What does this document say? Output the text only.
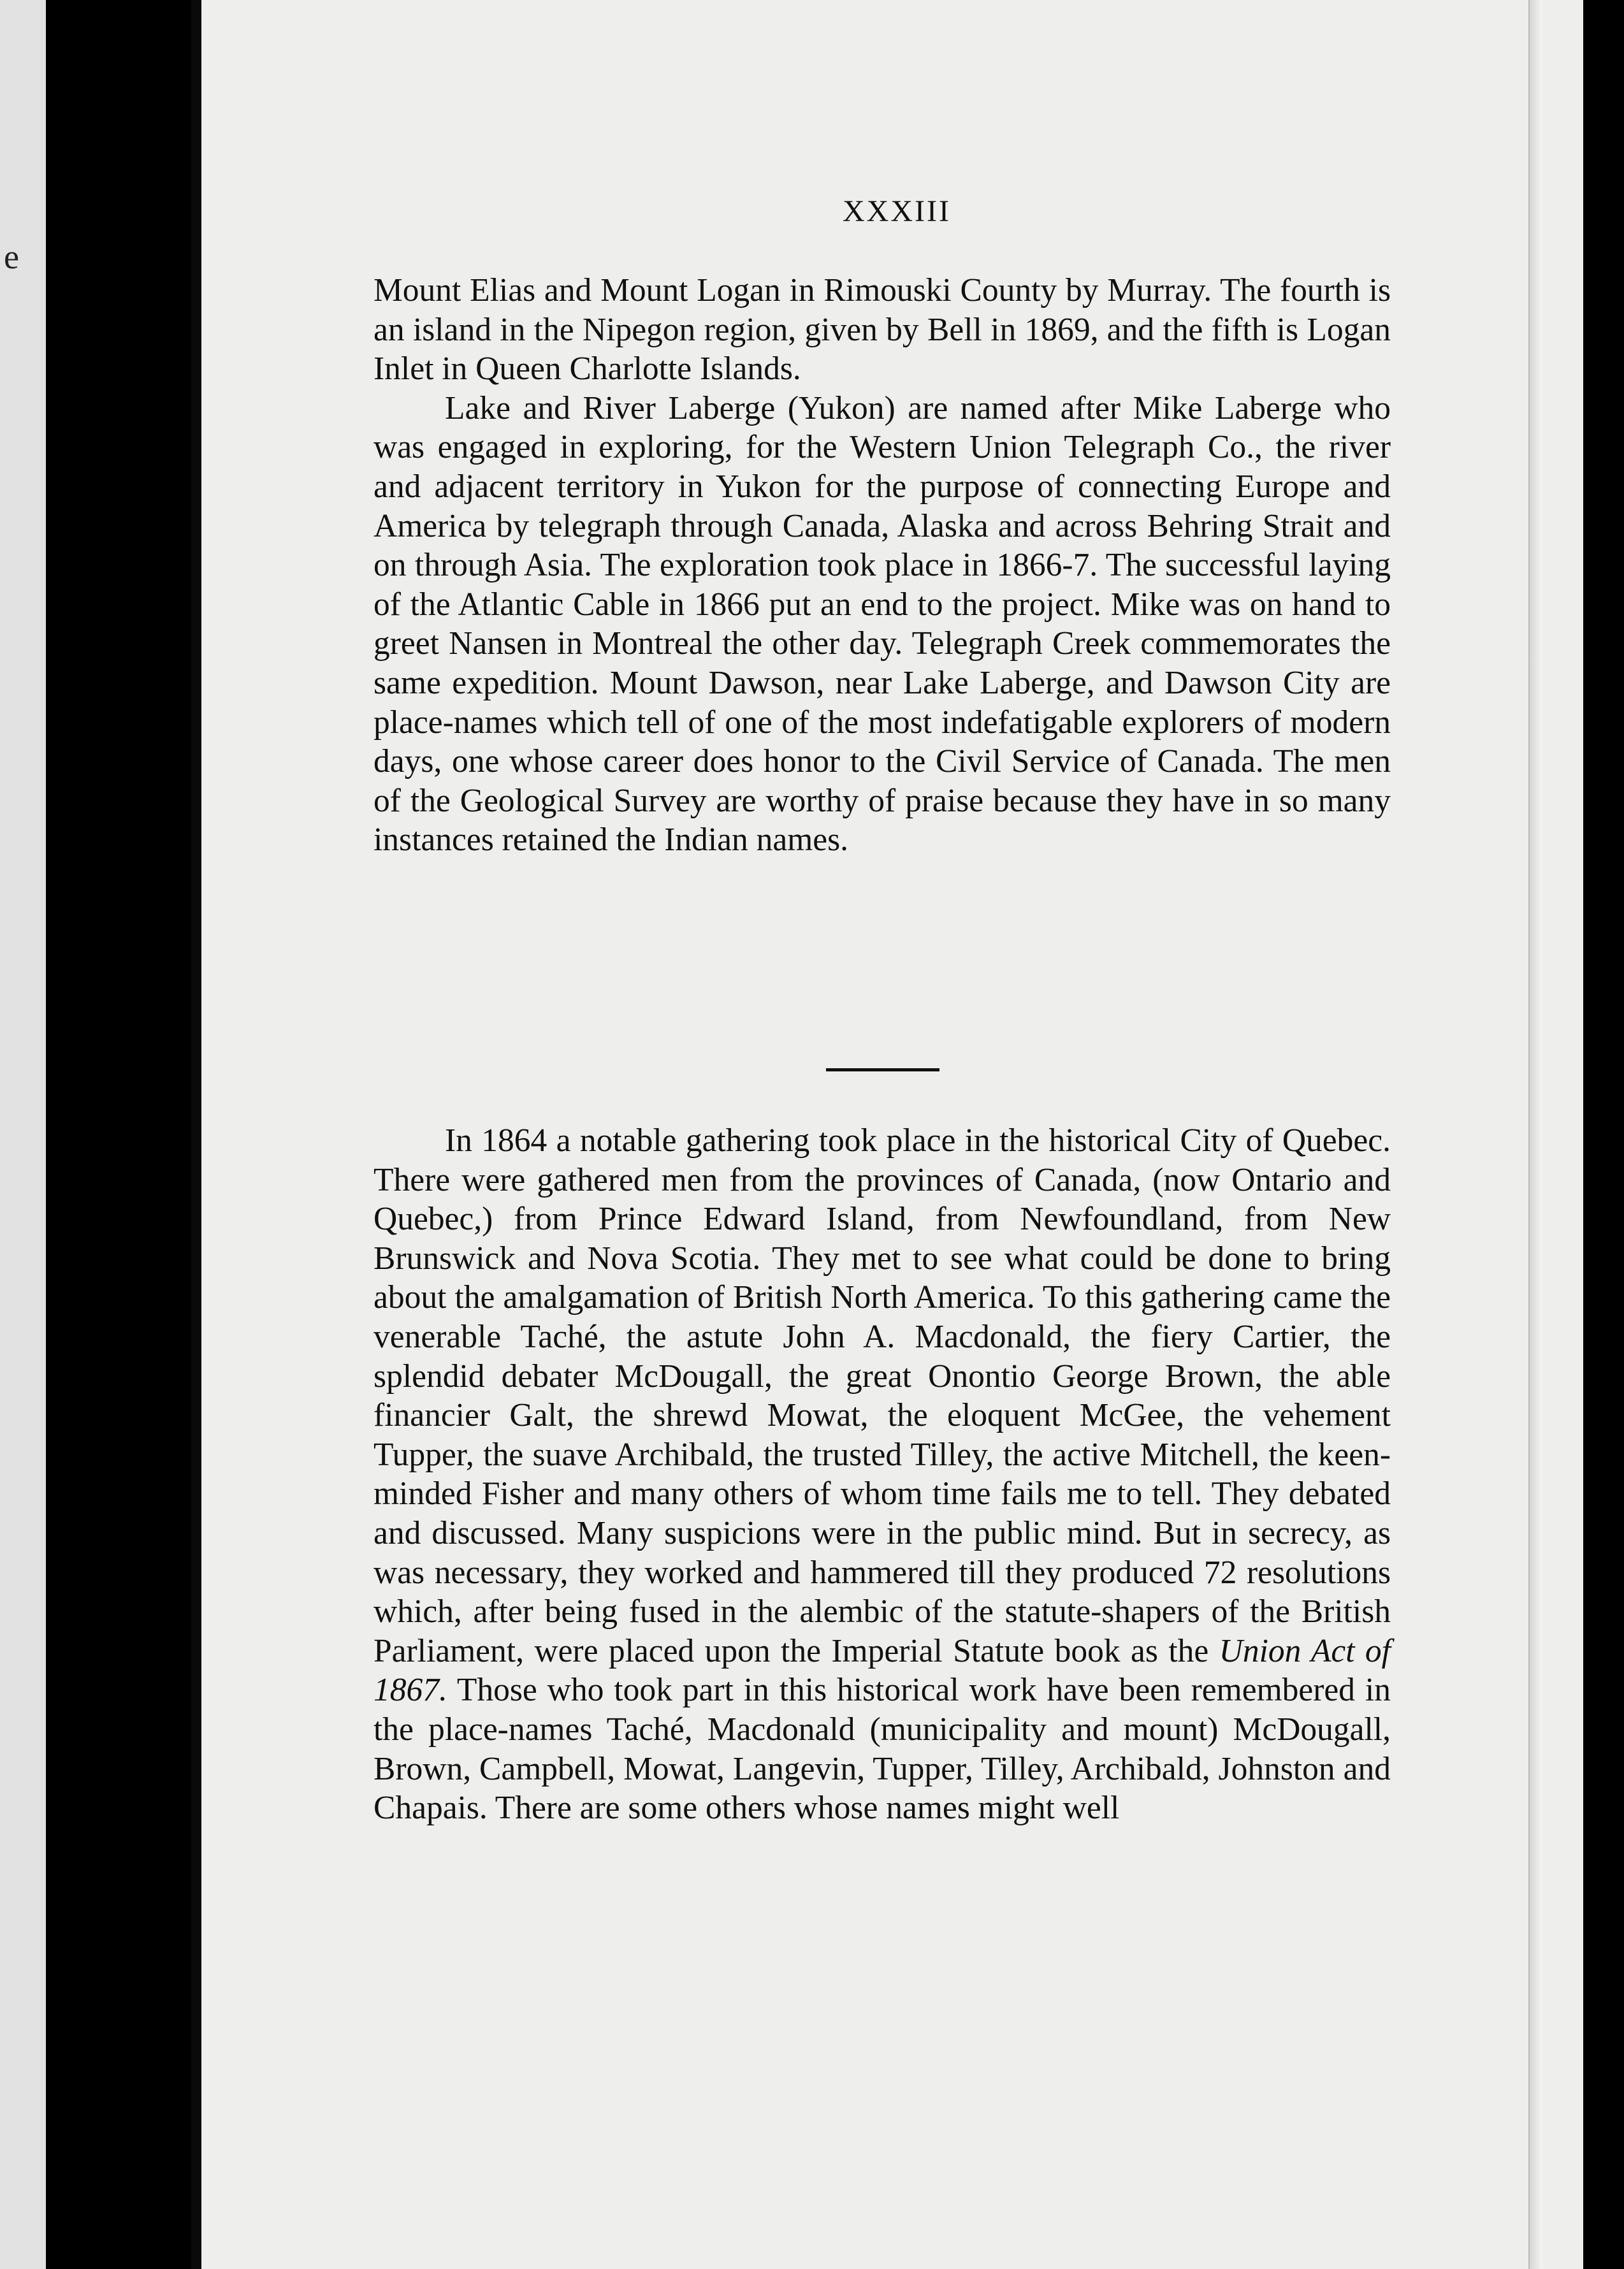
e
XXXIII

Mount Elias and Mount Logan in Rimouski County by Murray. The fourth is an island in the Nipegon region, given by Bell in 1869, and the fifth is Logan Inlet in Queen Charlotte Islands.

Lake and River Laberge (Yukon) are named after Mike Laberge who was engaged in exploring, for the Western Union Telegraph Co., the river and adjacent territory in Yukon for the purpose of connecting Europe and America by telegraph through Canada, Alaska and across Behring Strait and on through Asia. The exploration took place in 1866-7. The successful laying of the Atlantic Cable in 1866 put an end to the project. Mike was on hand to greet Nansen in Montreal the other day. Telegraph Creek commemorates the same expedition. Mount Dawson, near Lake Laberge, and Dawson City are place-names which tell of one of the most indefatigable explorers of modern days, one whose career does honor to the Civil Service of Canada. The men of the Geological Survey are worthy of praise because they have in so many instances retained the Indian names.

In 1864 a notable gathering took place in the historical City of Quebec. There were gathered men from the provinces of Canada, (now Ontario and Quebec,) from Prince Edward Island, from Newfoundland, from New Brunswick and Nova Scotia. They met to see what could be done to bring about the amalgamation of British North America. To this gathering came the venerable Taché, the astute John A. Macdonald, the fiery Cartier, the splendid debater McDougall, the great Onontio George Brown, the able financier Galt, the shrewd Mowat, the eloquent McGee, the vehement Tupper, the suave Archibald, the trusted Tilley, the active Mitchell, the keen-minded Fisher and many others of whom time fails me to tell. They debated and discussed. Many suspicions were in the public mind. But in secrecy, as was necessary, they worked and hammered till they produced 72 resolutions which, after being fused in the alembic of the statute-shapers of the British Parliament, were placed upon the Imperial Statute book as the Union Act of 1867. Those who took part in this historical work have been remembered in the place-names Taché, Macdonald (municipality and mount) McDougall, Brown, Campbell, Mowat, Langevin, Tupper, Tilley, Archibald, Johnston and Chapais. There are some others whose names might well
